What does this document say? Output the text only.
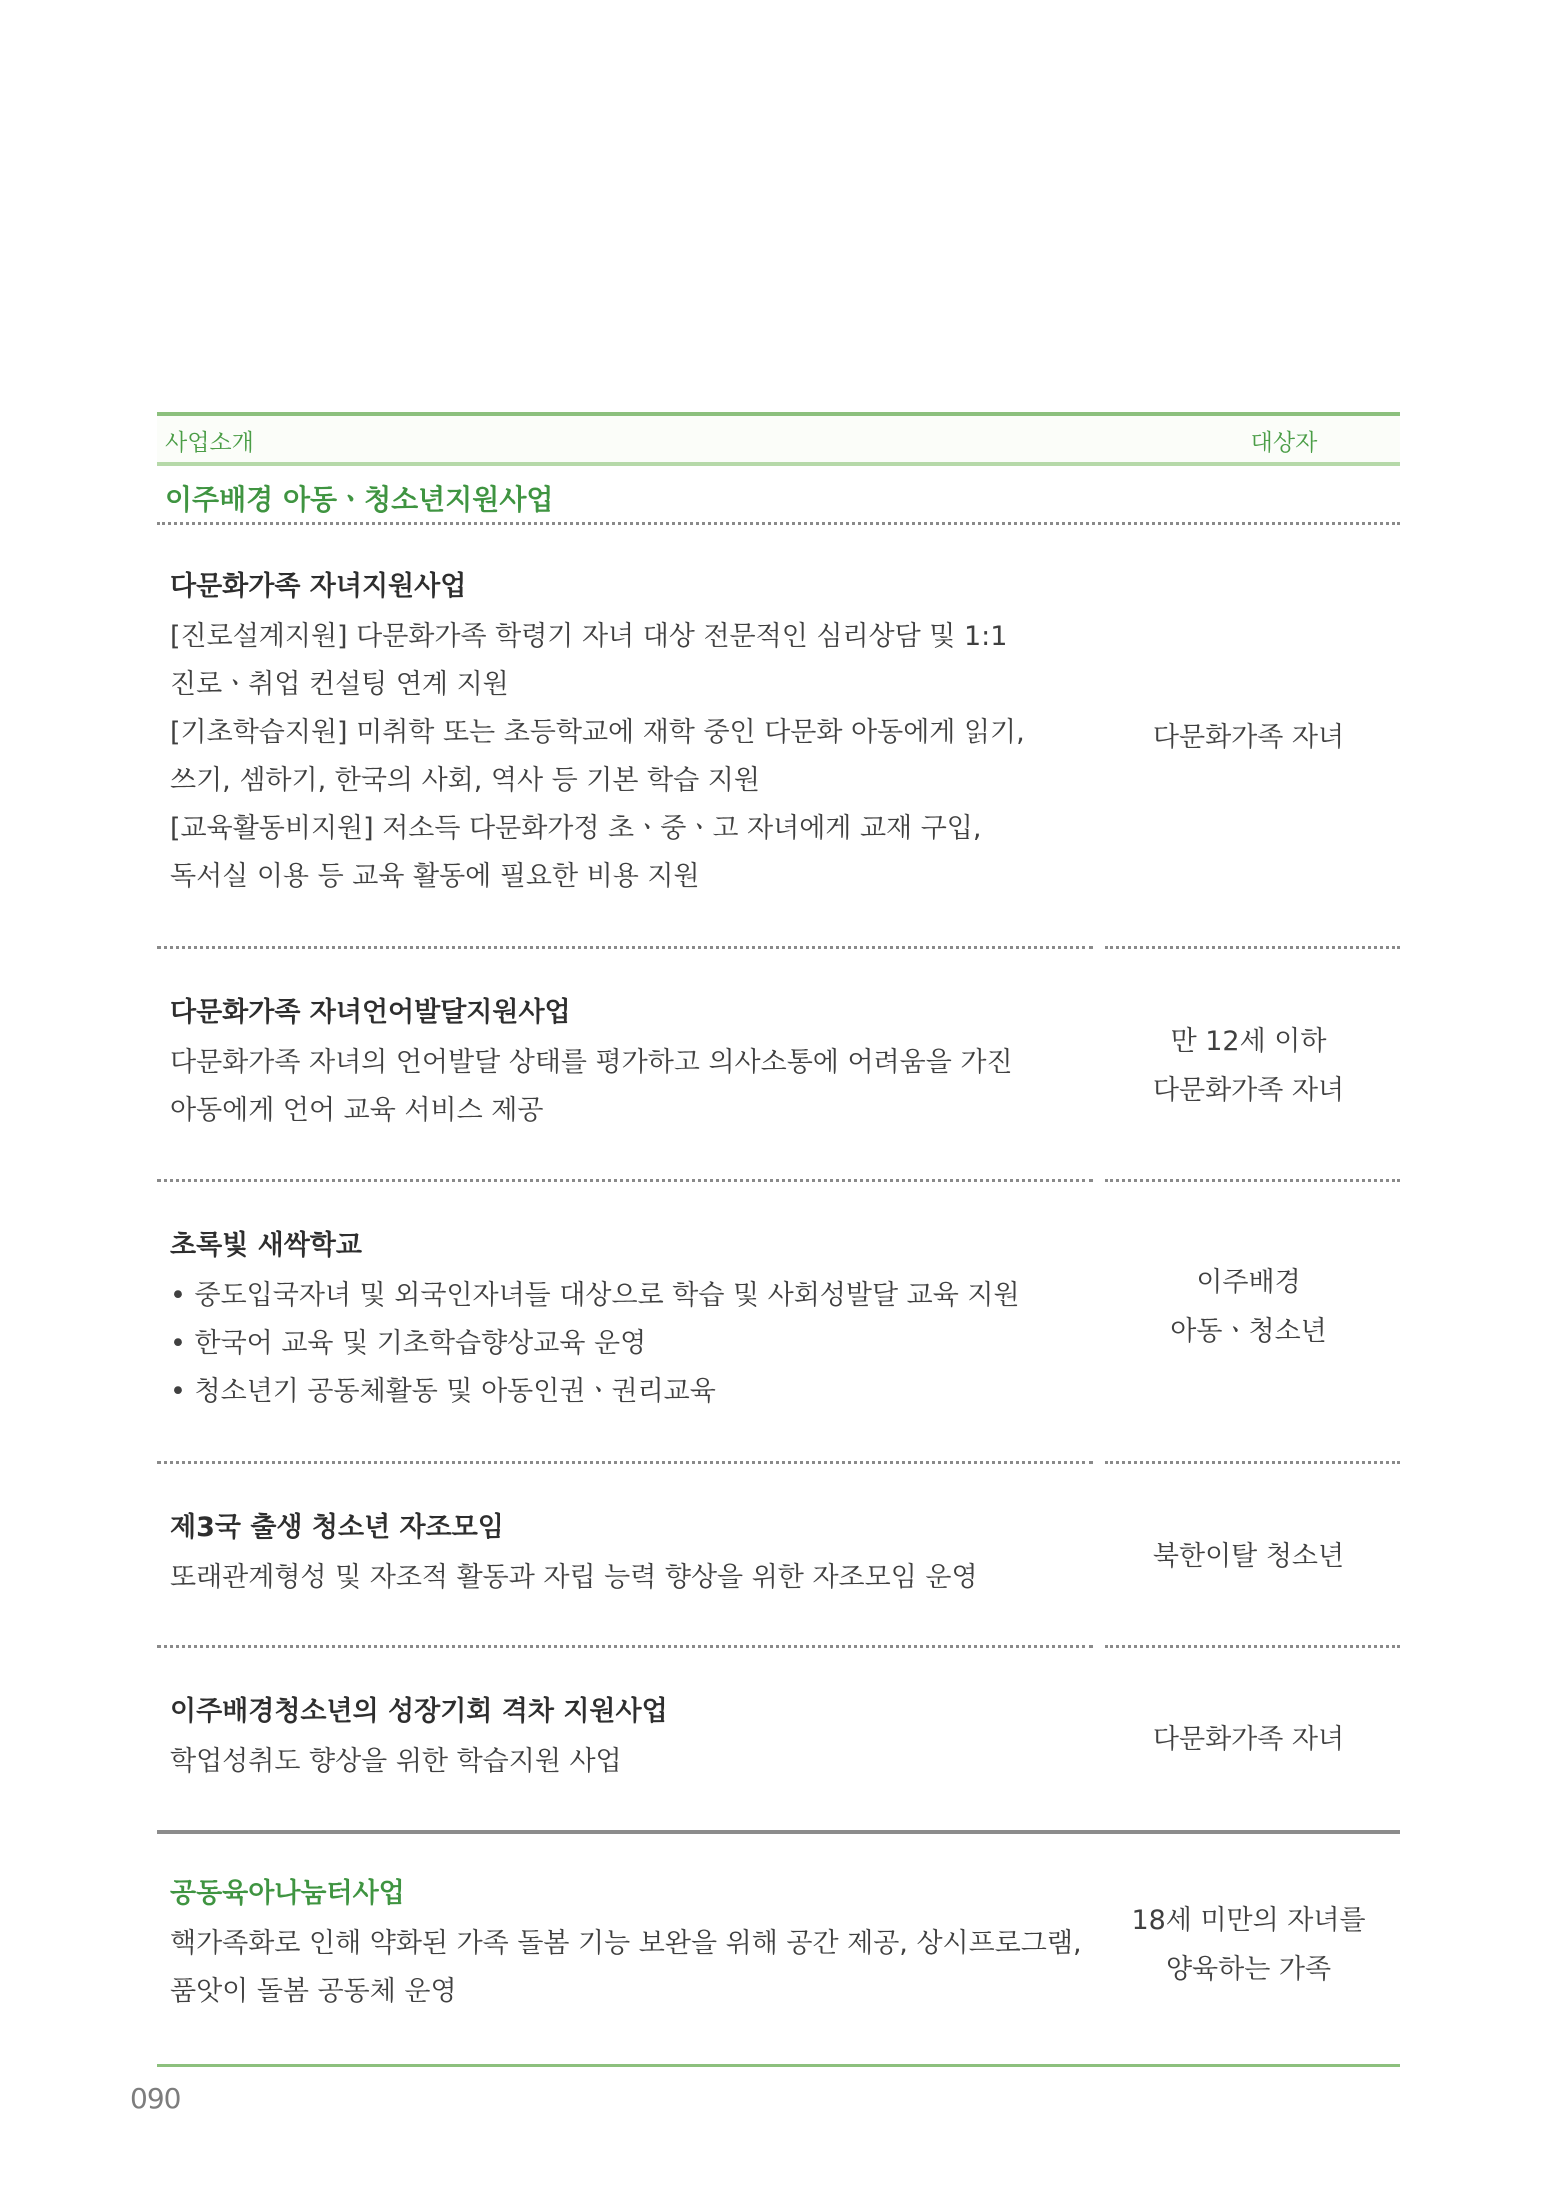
사업소개	대상자
이주배경 아동ㆍ청소년지원사업
다문화가족 자녀지원사업
[진로설계지원] 다문화가족 학령기 자녀 대상 전문적인 심리상담 및 1:1
진로ㆍ취업 컨설팅 연계 지원
[기초학습지원] 미취학 또는 초등학교에 재학 중인 다문화 아동에게 읽기,
쓰기, 셈하기, 한국의 사회, 역사 등 기본 학습 지원
[교육활동비지원] 저소득 다문화가정 초ㆍ중ㆍ고 자녀에게 교재 구입,
독서실 이용 등 교육 활동에 필요한 비용 지원
다문화가족 자녀
다문화가족 자녀언어발달지원사업
다문화가족 자녀의 언어발달 상태를 평가하고 의사소통에 어려움을 가진
아동에게 언어 교육 서비스 제공
만 12세 이하
다문화가족 자녀
초록빛 새싹학교
• 중도입국자녀 및 외국인자녀들 대상으로 학습 및 사회성발달 교육 지원
• 한국어 교육 및 기초학습향상교육 운영
• 청소년기 공동체활동 및 아동인권ㆍ권리교육
이주배경
아동ㆍ청소년
제3국 출생 청소년 자조모임
또래관계형성 및 자조적 활동과 자립 능력 향상을 위한 자조모임 운영
북한이탈 청소년
이주배경청소년의 성장기회 격차 지원사업
학업성취도 향상을 위한 학습지원 사업
다문화가족 자녀
공동육아나눔터사업
핵가족화로 인해 약화된 가족 돌봄 기능 보완을 위해 공간 제공, 상시프로그램,
품앗이 돌봄 공동체 운영
18세 미만의 자녀를
양육하는 가족
090
